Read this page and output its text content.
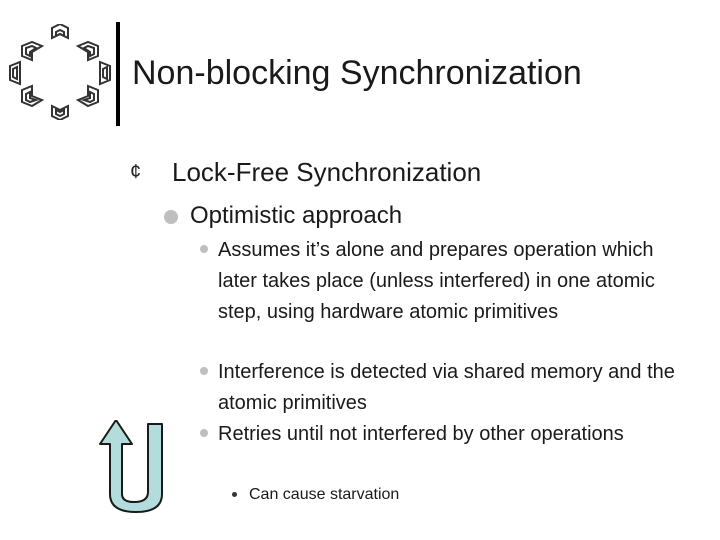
Non-blocking Synchronization
¢	Lock-Free Synchronization
Optimistic approach
Assumes it’s alone and prepares operation which later takes place (unless interfered) in one atomic step, using hardware atomic primitives
Interference is detected via shared memory and the atomic primitives
Retries until not interfered by other operations
Can cause starvation
